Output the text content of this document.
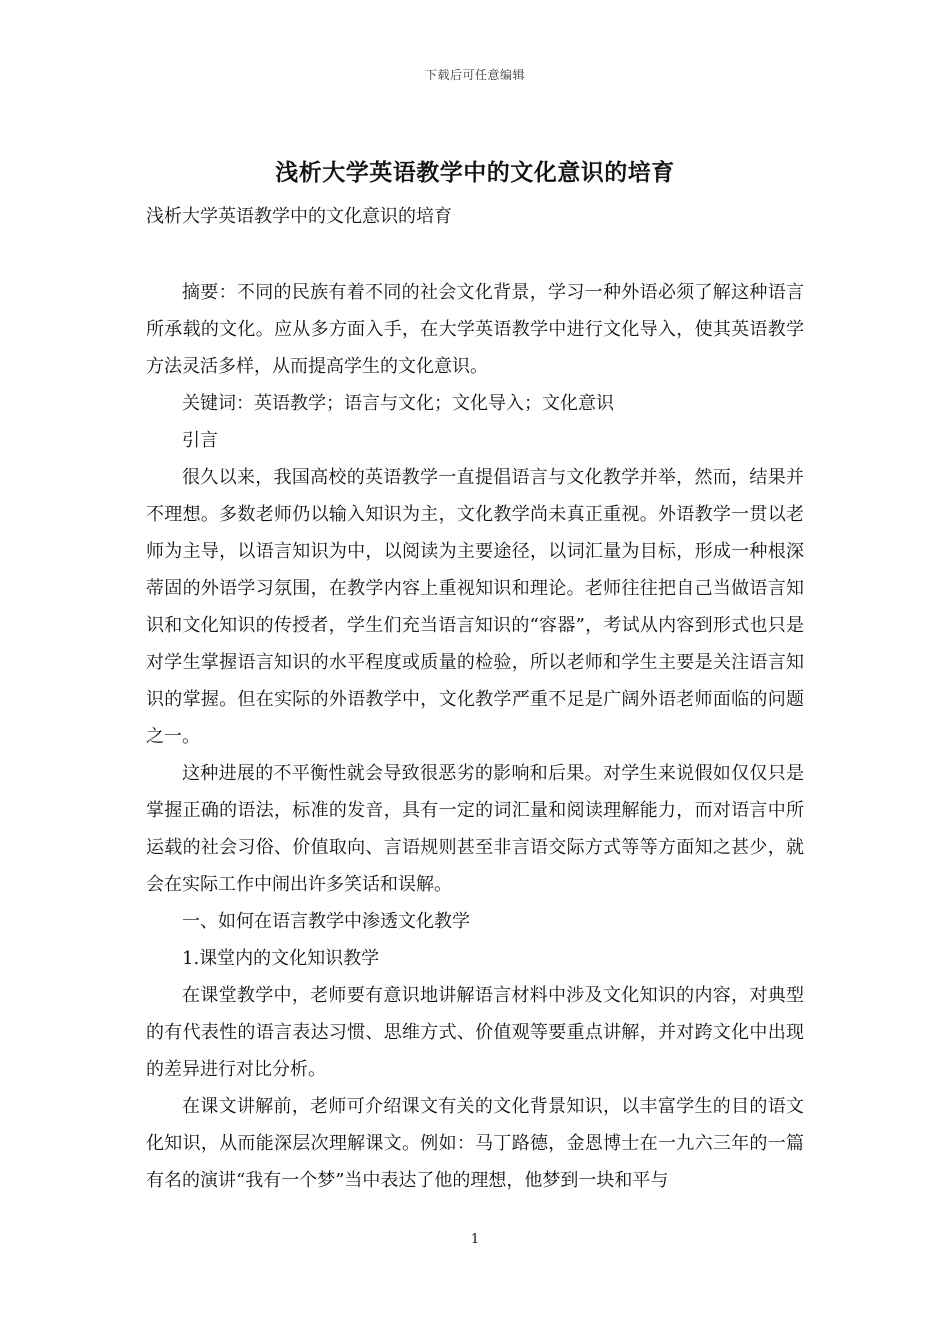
下载后可任意编辑
浅析大学英语教学中的文化意识的培育

浅析大学英语教学中的文化意识的培育

摘要：不同的民族有着不同的社会文化背景，学习一种外语必须了解这种语言所承载的文化。应从多方面入手，在大学英语教学中进行文化导入，使其英语教学方法灵活多样，从而提高学生的文化意识。

关键词：英语教学；语言与文化；文化导入；文化意识

引言

很久以来，我国高校的英语教学一直提倡语言与文化教学并举，然而，结果并不理想。多数老师仍以输入知识为主，文化教学尚未真正重视。外语教学一贯以老师为主导，以语言知识为中，以阅读为主要途径，以词汇量为目标，形成一种根深蒂固的外语学习氛围，在教学内容上重视知识和理论。老师往往把自己当做语言知识和文化知识的传授者，学生们充当语言知识的“容器”，考试从内容到形式也只是对学生掌握语言知识的水平程度或质量的检验，所以老师和学生主要是关注语言知识的掌握。但在实际的外语教学中，文化教学严重不足是广阔外语老师面临的问题之一。

这种进展的不平衡性就会导致很恶劣的影响和后果。对学生来说假如仅仅只是掌握正确的语法，标准的发音，具有一定的词汇量和阅读理解能力，而对语言中所运载的社会习俗、价值取向、言语规则甚至非言语交际方式等等方面知之甚少，就会在实际工作中闹出许多笑话和误解。

一、如何在语言教学中渗透文化教学

1.课堂内的文化知识教学

在课堂教学中，老师要有意识地讲解语言材料中涉及文化知识的内容，对典型的有代表性的语言表达习惯、思维方式、价值观等要重点讲解，并对跨文化中出现的差异进行对比分析。

在课文讲解前，老师可介绍课文有关的文化背景知识，以丰富学生的目的语文化知识，从而能深层次理解课文。例如：马丁路德，金恩博士在一九六三年的一篇有名的演讲“我有一个梦”当中表达了他的理想，他梦到一块和平与

1
